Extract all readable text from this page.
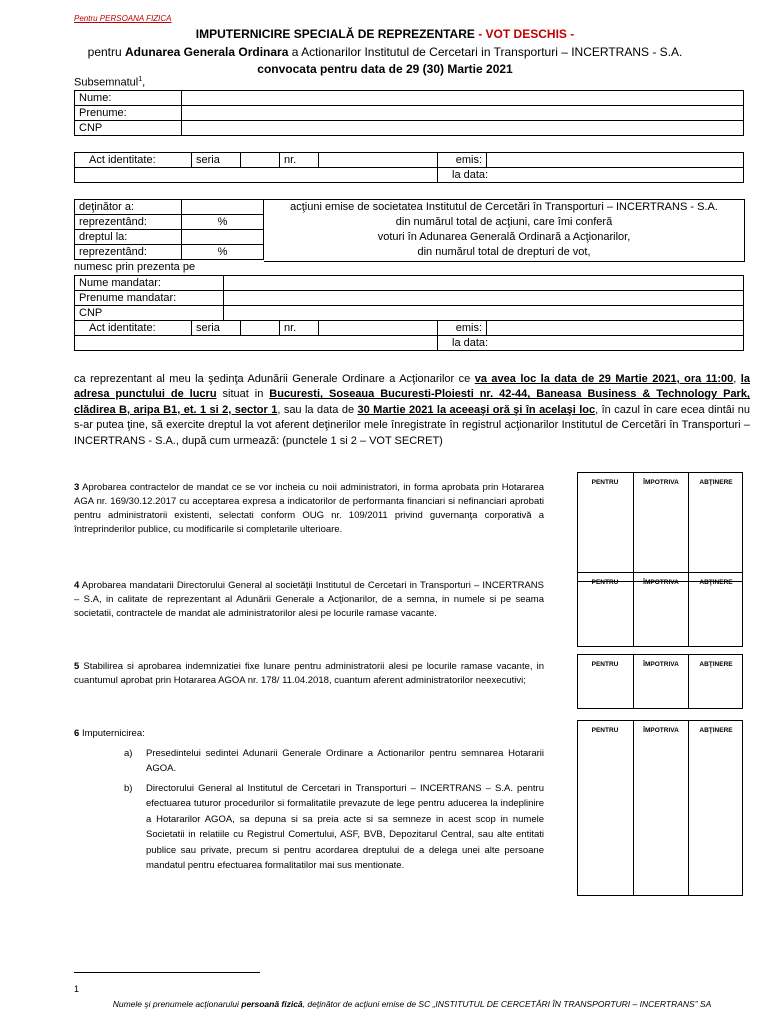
Pentru PERSOANA FIZICA
IMPUTERNICIRE SPECIALĂ DE REPREZENTARE - VOT DESCHIS -
pentru Adunarea Generala Ordinara a Actionarilor Institutul de Cercetari in Transporturi – INCERTRANS - S.A.
convocata pentru data de 29 (30) Martie 2021
Subsemnatul$^1$,
Nume:	
Prenume:	
CNP	
Act identitate:	seria		nr.		emis:	
					la data:	
deţinător a:	
reprezentând:	%
dreptul la:	
reprezentând:	%
acţiuni emise de societatea Institutul de Cercetări în Transporturi – INCERTRANS - S.A.
din numărul total de acţiuni, care îmi conferă
voturi în Adunarea Generală Ordinară a Acţionarilor,
din numărul total de drepturi de vot,
numesc prin prezenta pe
Nume mandatar:	
Prenume mandatar:	
CNP	
Act identitate:	seria		nr.		emis:	
					la data:	
ca reprezentant al meu la şedinţa Adunării Generale Ordinare a Acţionarilor ce va avea loc la data de 29 Martie 2021, ora 11:00, la adresa punctului de lucru situat in Bucuresti, Soseaua Bucuresti-Ploiesti nr. 42-44, Baneasa Business & Technology Park, clădirea B, aripa B1, et. 1 si 2, sector 1, sau la data de 30 Martie 2021 la aceeaşi oră şi în acelaşi loc, în cazul în care ecea dintâi nu s-ar putea ţine, să exercite dreptul la vot aferent deţinerilor mele înregistrate în registrul acţionarilor Institutul de Cercetări în Transporturi – INCERTRANS - S.A., după cum urmează: (punctele 1 si 2 – VOT SECRET)
3 Aprobarea contractelor de mandat ce se vor incheia cu noii administratori, in forma aprobata prin Hotararea AGA nr. 169/30.12.2017 cu acceptarea expresa a indicatorilor de performanta financiari si nefinanciari aprobati pentru administratorii existenti, selectati conform OUG nr. 109/2011 privind guvernanţa corporativă a întreprinderilor publice, cu modificarile si completarile ulterioare.
4 Aprobarea mandatarii Directorului General al societăţii Institutul de Cercetari in Transporturi – INCERTRANS – S.A, in calitate de reprezentant al Adunării Generale a Acţionarilor, de a semna, in numele si pe seama societatii, contractele de mandat ale administratorilor alesi pe locurile ramase vacante.
5 Stabilirea si aprobarea indemnizatiei fixe lunare pentru administratorii alesi pe locurile ramase vacante, in cuantumul aprobat prin Hotararea AGOA nr. 178/ 11.04.2018, cuantum aferent administratorilor neexecutivi;
6 Imputernicirea:
a) Presedintelui sedintei Adunarii Generale Ordinare a Actionarilor pentru semnarea Hotararii AGOA.
b) Directorului General al Institutul de Cercetari in Transporturi – INCERTRANS – S.A. pentru efectuarea tuturor procedurilor si formalitatile prevazute de lege pentru aducerea la indeplinire a Hotararilor AGOA, sa depuna si sa preia acte si sa semneze in acest scop in numele Societatii in relatiile cu Registrul Comertului, ASF, BVB, Depozitarul Central, sau alte entitati publice sau private, precum si pentru acordarea dreptului de a delega unei alte persoane mandatul pentru efectuarea formalitatilor mai sus mentionate.
PENTRU	ÎMPOTRIVA	ABŢINERE
PENTRU	ÎMPOTRIVA	ABŢINERE
PENTRU	ÎMPOTRIVA	ABŢINERE
PENTRU	ÎMPOTRIVA	ABŢINERE
1
Numele şi prenumele acţionarului persoană fizică, deţinător de acţiuni emise de SC „INSTITUTUL DE CERCETĂRI ÎN TRANSPORTURI – INCERTRANS” SA
